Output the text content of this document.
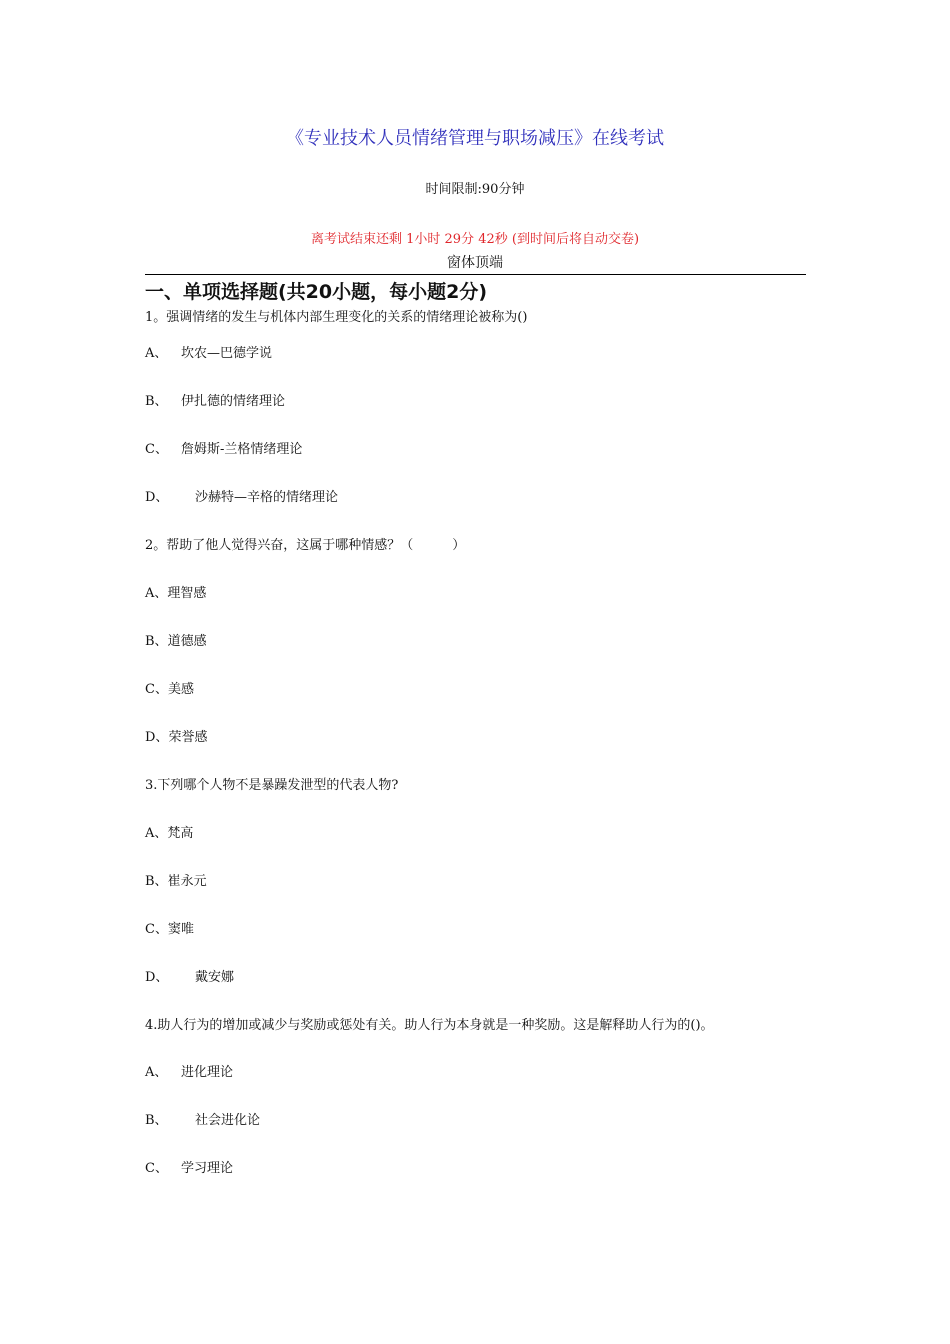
《专业技术人员情绪管理与职场减压》在线考试
时间限制:90分钟
离考试结束还剩 1小时 29分 42秒 (到时间后将自动交卷)
窗体顶端
一、单项选择题(共20小题，每小题2分)
1。强调情绪的发生与机体内部生理变化的关系的情绪理论被称为()
A、 坎农—巴德学说
B、 伊扎德的情绪理论
C、 詹姆斯-兰格情绪理论
D、 沙赫特—辛格的情绪理论
2。帮助了他人觉得兴奋，这属于哪种情感？（　　　）
A、理智感
B、道德感
C、美感
D、荣誉感
3.下列哪个人物不是暴躁发泄型的代表人物?
A、梵高
B、崔永元
C、窦唯
D、 戴安娜
4.助人行为的增加或减少与奖励或惩处有关。助人行为本身就是一种奖励。这是解释助人行为的()。
A、 进化理论
B、 社会进化论
C、 学习理论
